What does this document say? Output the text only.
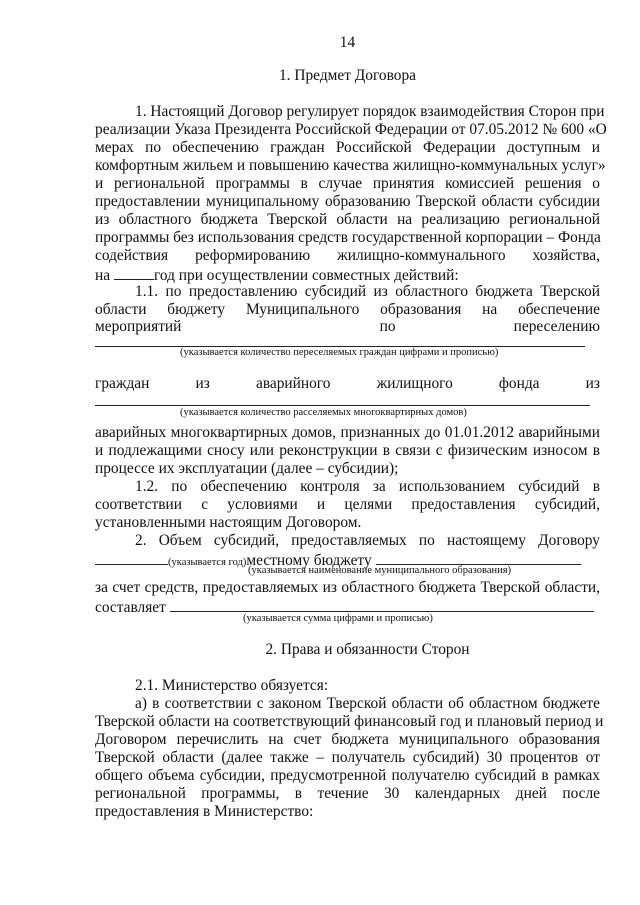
14
1. Предмет Договора
1. Настоящий Договор регулирует порядок взаимодействия Сторон при
реализации Указа Президента Российской Федерации от 07.05.2012 № 600 «О
мерах по обеспечению граждан Российской Федерации доступным и
комфортным жильем и повышению качества жилищно-коммунальных услуг»
и региональной программы в случае принятия комиссией решения о
предоставлении муниципальному образованию Тверской области субсидии
из областного бюджета Тверской области на реализацию региональной
программы без использования средств государственной корпорации – Фонда
содействия реформированию жилищно-коммунального хозяйства,
на	год при осуществлении совместных действий:
1.1. по предоставлению субсидий из областного бюджета Тверской
области бюджету Муниципального образования на обеспечение
мероприятий	по	переселению
(указывается количество переселяемых граждан цифрами и прописью)
граждан	из	аварийного	жилищного	фонда	из
(указывается количество расселяемых многоквартирных домов)
аварийных многоквартирных домов, признанных до 01.01.2012 аварийными
и подлежащими сносу или реконструкции в связи с физическим износом в
процессе их эксплуатации (далее – субсидии);
1.2. по обеспечению контроля за использованием субсидий в
соответствии с условиями и целями предоставления субсидий,
установленными настоящим Договором.
2. Объем субсидий, предоставляемых по настоящему Договору
(указывается год)местному бюджету
(указывается наименование муниципального образования)
за счет средств, предоставляемых из областного бюджета Тверской области,
составляет
(указывается сумма цифрами и прописью)
2. Права и обязанности Сторон
2.1. Министерство обязуется:
а) в соответствии с законом Тверской области об областном бюджете
Тверской области на соответствующий финансовый год и плановый период и
Договором перечислить на счет бюджета муниципального образования
Тверской области (далее также – получатель субсидий) 30 процентов от
общего объема субсидии, предусмотренной получателю субсидий в рамках
региональной программы, в течение 30 календарных дней после
предоставления в Министерство:
